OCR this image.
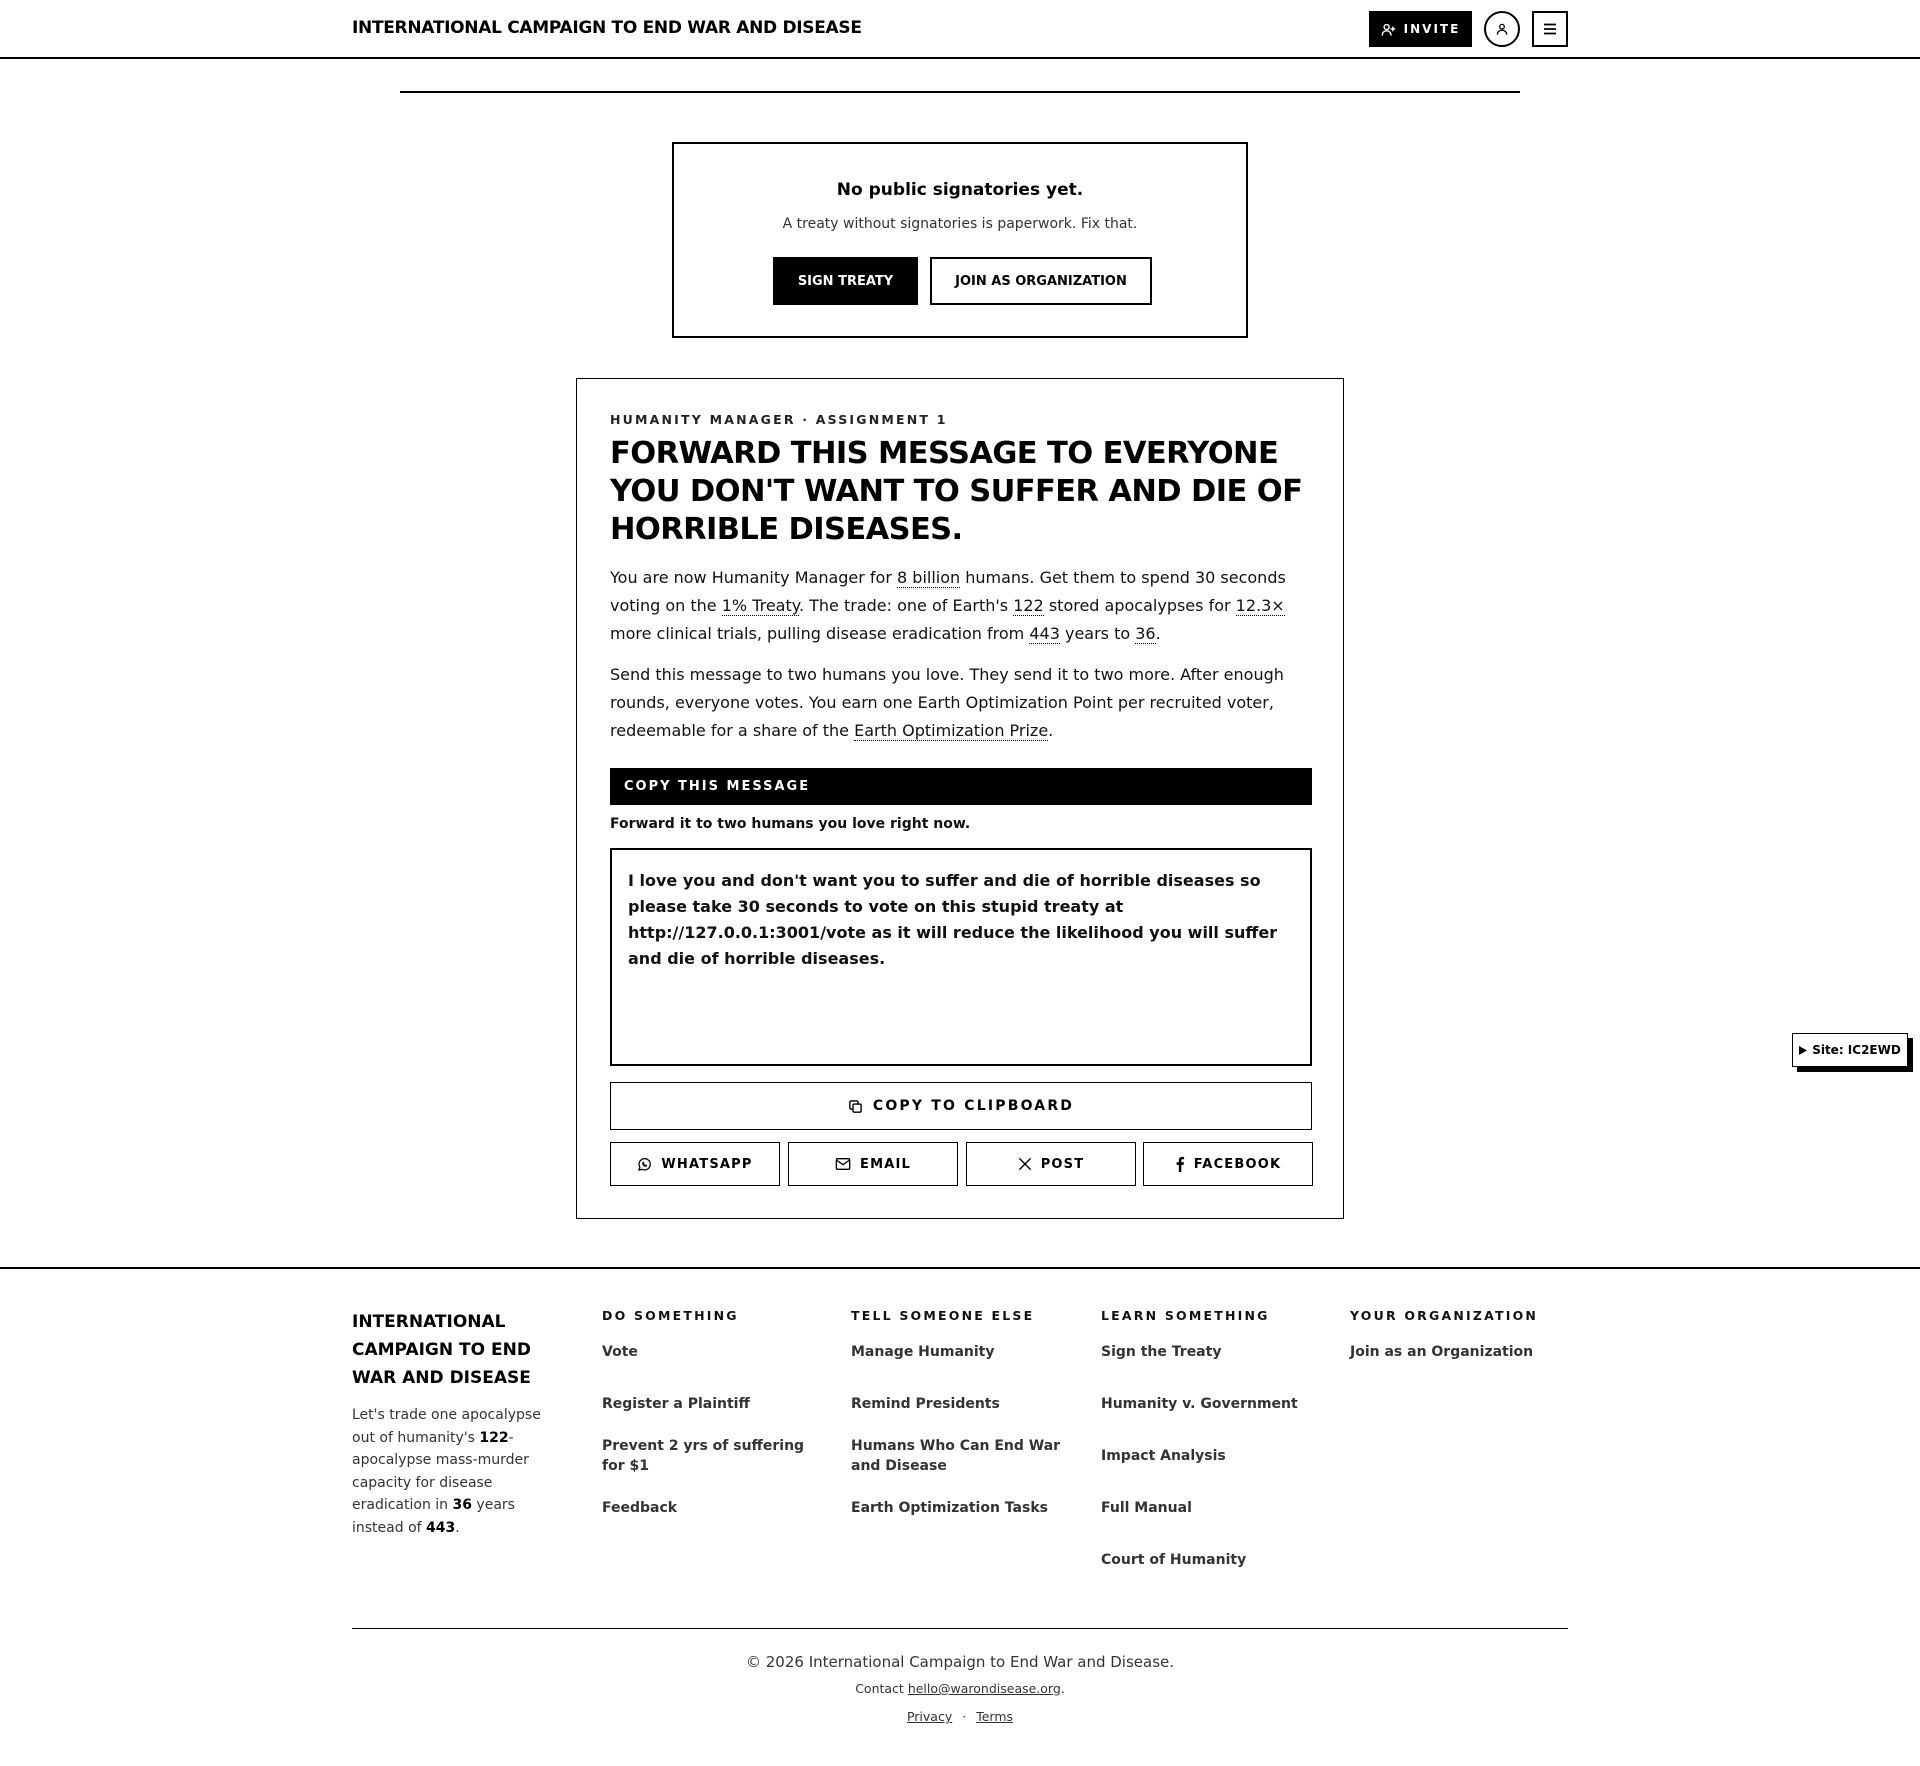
INTERNATIONAL CAMPAIGN TO END WAR AND DISEASE	INVITE
No public signatories yet.
A treaty without signatories is paperwork. Fix that.
SIGN TREATY	JOIN AS ORGANIZATION
HUMANITY MANAGER · ASSIGNMENT 1
FORWARD THIS MESSAGE TO EVERYONE YOU DON'T WANT TO SUFFER AND DIE OF HORRIBLE DISEASES.

You are now Humanity Manager for 8 billion humans. Get them to spend 30 seconds voting on the 1% Treaty. The trade: one of Earth's 122 stored apocalypses for 12.3× more clinical trials, pulling disease eradication from 443 years to 36.

Send this message to two humans you love. They send it to two more. After enough rounds, everyone votes. You earn one Earth Optimization Point per recruited voter, redeemable for a share of the Earth Optimization Prize.

COPY THIS MESSAGE
Forward it to two humans you love right now.
I love you and don't want you to suffer and die of horrible diseases so please take 30 seconds to vote on this stupid treaty at http://127.0.0.1:3001/vote as it will reduce the likelihood you will suffer and die of horrible diseases.
COPY TO CLIPBOARD
WHATSAPP	EMAIL	POST	FACEBOOK
Site: IC2EWD
INTERNATIONAL CAMPAIGN TO END WAR AND DISEASE
Let's trade one apocalypse out of humanity's 122-apocalypse mass-murder capacity for disease eradication in 36 years instead of 443.
DO SOMETHING
Vote
Register a Plaintiff
Prevent 2 yrs of suffering for $1
Feedback
TELL SOMEONE ELSE
Manage Humanity
Remind Presidents
Humans Who Can End War and Disease
Earth Optimization Tasks
LEARN SOMETHING
Sign the Treaty
Humanity v. Government
Impact Analysis
Full Manual
Court of Humanity
YOUR ORGANIZATION
Join as an Organization
© 2026 International Campaign to End War and Disease.
Contact hello@warondisease.org.
Privacy · Terms
